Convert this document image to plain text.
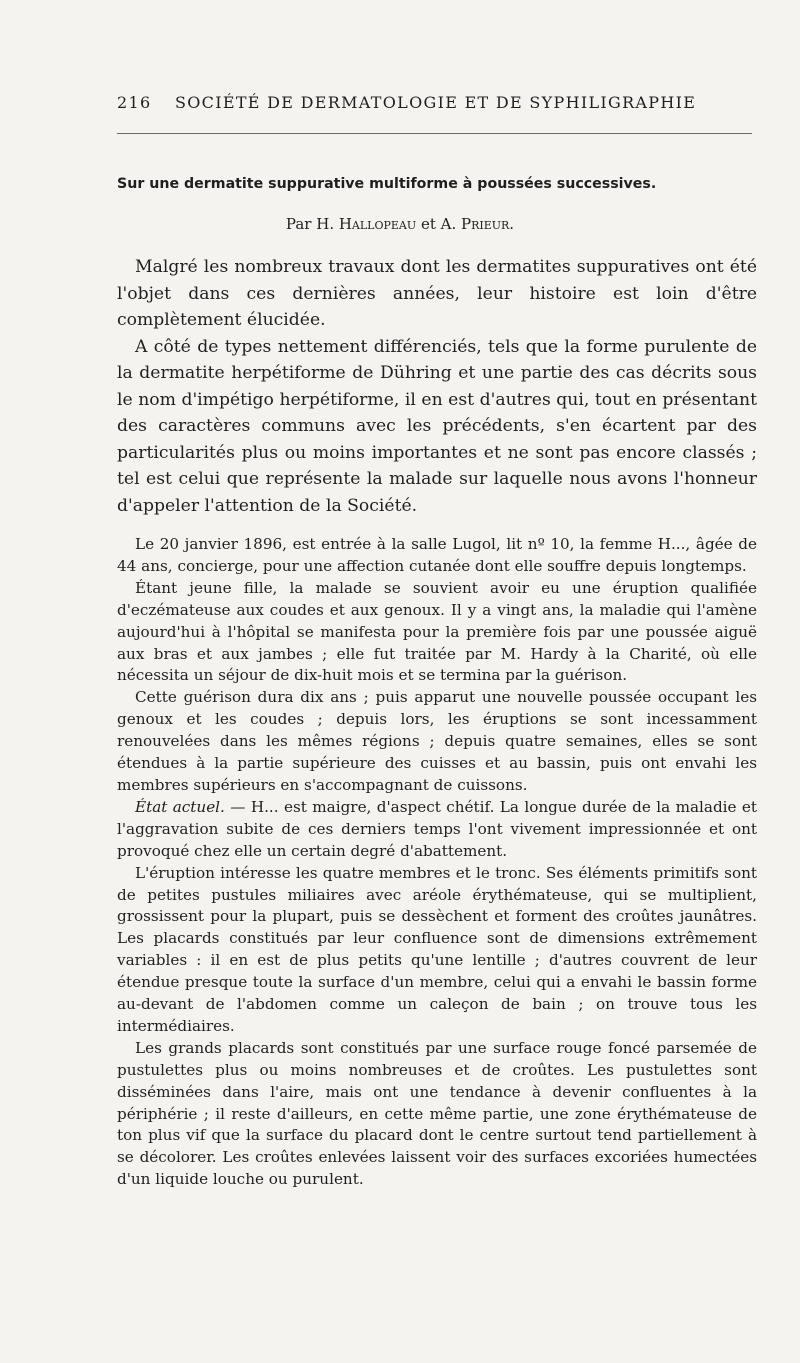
216 SOCIÉTÉ DE DERMATOLOGIE ET DE SYPHILIGRAPHIE
Sur une dermatite suppurative multiforme à poussées successives.
Par H. Hallopeau et A. Prieur.

Malgré les nombreux travaux dont les dermatites suppuratives ont été l'objet dans ces dernières années, leur histoire est loin d'être complètement élucidée.

A côté de types nettement différenciés, tels que la forme purulente de la dermatite herpétiforme de Dühring et une partie des cas décrits sous le nom d'impétigo herpétiforme, il en est d'autres qui, tout en présentant des caractères communs avec les précédents, s'en écartent par des particularités plus ou moins importantes et ne sont pas encore classés ; tel est celui que représente la malade sur laquelle nous avons l'honneur d'appeler l'attention de la Société.

Le 20 janvier 1896, est entrée à la salle Lugol, lit nº 10, la femme H..., âgée de 44 ans, concierge, pour une affection cutanée dont elle souffre depuis longtemps.

Étant jeune fille, la malade se souvient avoir eu une éruption qualifiée d'eczémateuse aux coudes et aux genoux. Il y a vingt ans, la maladie qui l'amène aujourd'hui à l'hôpital se manifesta pour la première fois par une poussée aiguë aux bras et aux jambes ; elle fut traitée par M. Hardy à la Charité, où elle nécessita un séjour de dix-huit mois et se termina par la guérison.

Cette guérison dura dix ans ; puis apparut une nouvelle poussée occupant les genoux et les coudes ; depuis lors, les éruptions se sont incessamment renouvelées dans les mêmes régions ; depuis quatre semaines, elles se sont étendues à la partie supérieure des cuisses et au bassin, puis ont envahi les membres supérieurs en s'accompagnant de cuissons.

État actuel. — H... est maigre, d'aspect chétif. La longue durée de la maladie et l'aggravation subite de ces derniers temps l'ont vivement impressionnée et ont provoqué chez elle un certain degré d'abattement.

L'éruption intéresse les quatre membres et le tronc. Ses éléments primitifs sont de petites pustules miliaires avec aréole érythémateuse, qui se multiplient, grossissent pour la plupart, puis se dessèchent et forment des croûtes jaunâtres. Les placards constitués par leur confluence sont de dimensions extrêmement variables : il en est de plus petits qu'une lentille ; d'autres couvrent de leur étendue presque toute la surface d'un membre, celui qui a envahi le bassin forme au-devant de l'abdomen comme un caleçon de bain ; on trouve tous les intermédiaires.

Les grands placards sont constitués par une surface rouge foncé parsemée de pustulettes plus ou moins nombreuses et de croûtes. Les pustulettes sont disséminées dans l'aire, mais ont une tendance à devenir confluentes à la périphérie ; il reste d'ailleurs, en cette même partie, une zone érythémateuse de ton plus vif que la surface du placard dont le centre surtout tend partiellement à se décolorer. Les croûtes enlevées laissent voir des surfaces excoriées humectées d'un liquide louche ou purulent.
